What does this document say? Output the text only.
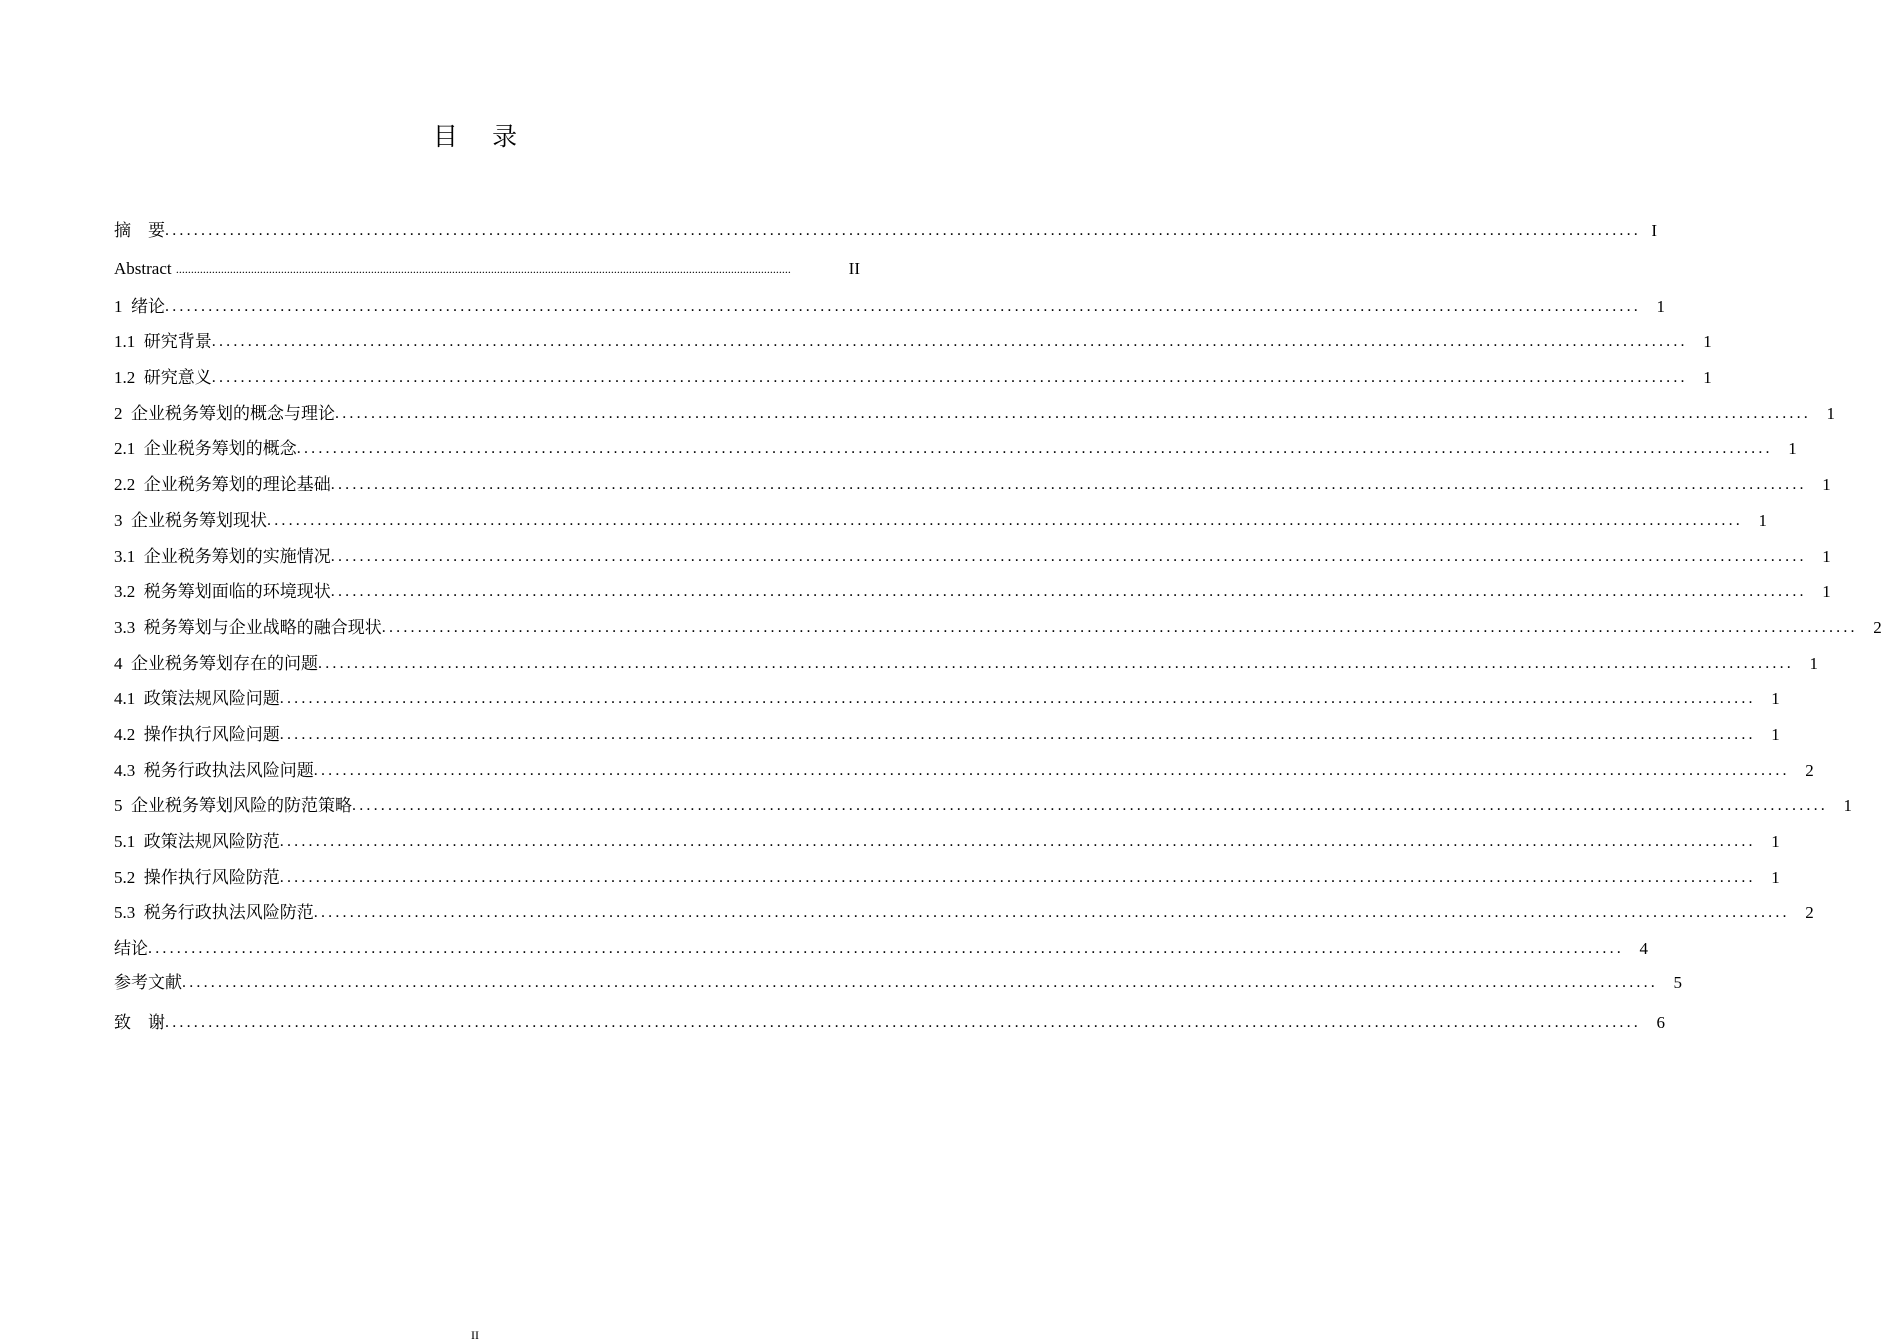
目 录
摘    要 ............................................................................................................................................................................................................. I
Abstract .............................................................................................................................................................................................................	II
1  绪论 ............................................................................................................................................................................................................. 1
1.1  研究背景 ............................................................................................................................................................................................................. 1
1.2  研究意义 ............................................................................................................................................................................................................. 1
2  企业税务筹划的概念与理论 ............................................................................................................................................................................................................. 1
2.1  企业税务筹划的概念 ............................................................................................................................................................................................................. 1
2.2  企业税务筹划的理论基础 ............................................................................................................................................................................................................. 1
3  企业税务筹划现状 ............................................................................................................................................................................................................. 1
3.1  企业税务筹划的实施情况 ............................................................................................................................................................................................................. 1
3.2  税务筹划面临的环境现状 ............................................................................................................................................................................................................. 1
3.3  税务筹划与企业战略的融合现状 ............................................................................................................................................................................................................. 2
4  企业税务筹划存在的问题 ............................................................................................................................................................................................................. 1
4.1  政策法规风险问题 ............................................................................................................................................................................................................. 1
4.2  操作执行风险问题 ............................................................................................................................................................................................................. 1
4.3  税务行政执法风险问题 ............................................................................................................................................................................................................. 2
5  企业税务筹划风险的防范策略 ............................................................................................................................................................................................................. 1
5.1  政策法规风险防范 ............................................................................................................................................................................................................. 1
5.2  操作执行风险防范 ............................................................................................................................................................................................................. 1
5.3  税务行政执法风险防范 ............................................................................................................................................................................................................. 2
结论 ............................................................................................................................................................................................................. 4
参考文献 ............................................................................................................................................................................................................. 5
致    谢 ............................................................................................................................................................................................................. 6
II
